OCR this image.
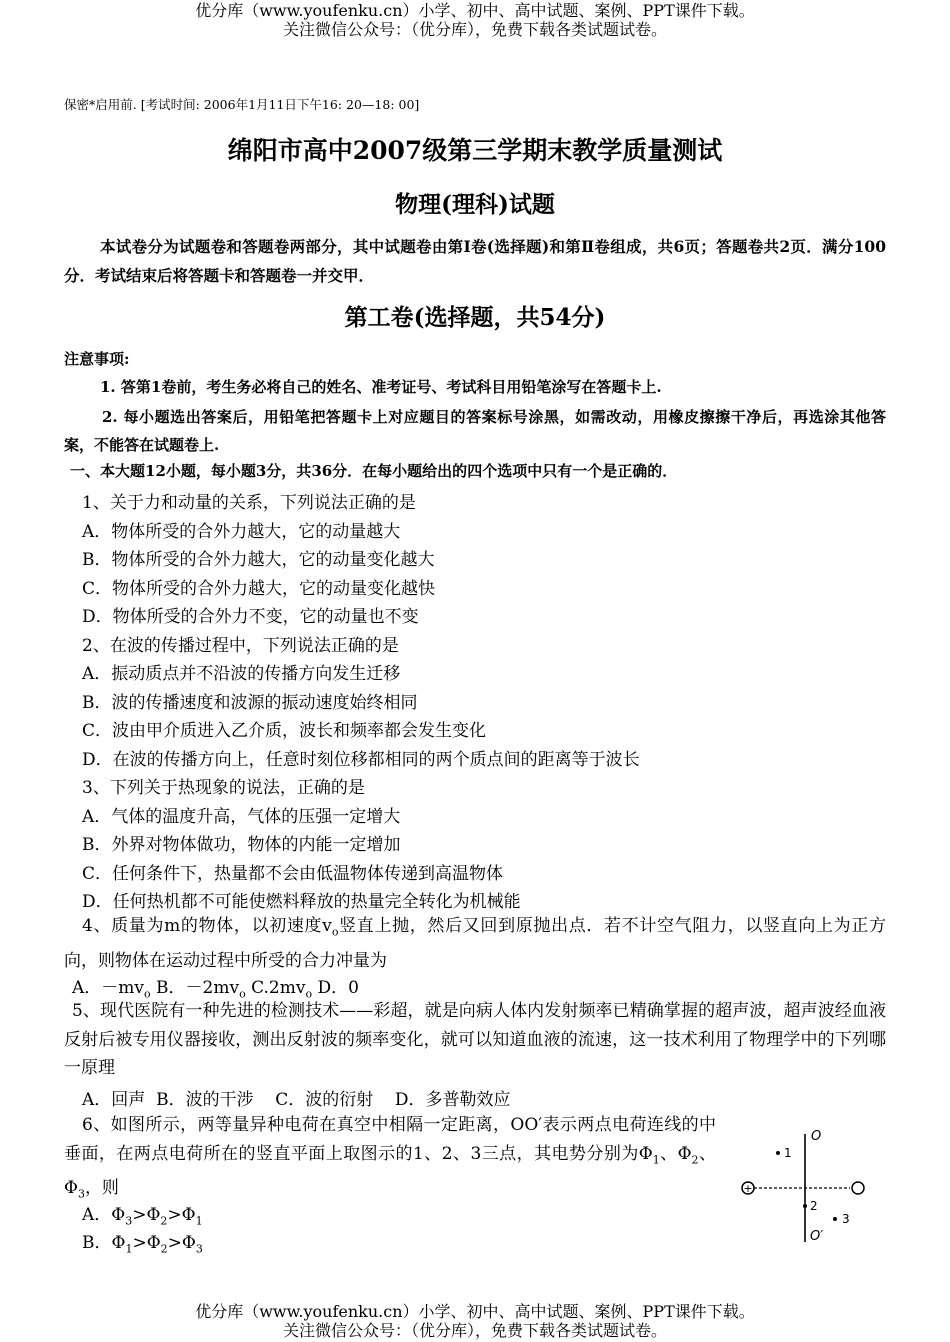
优分库（www.youfenku.cn）小学、初中、高中试题、案例、PPT课件下载。
关注微信公众号：（优分库），免费下载各类试题试卷。
保密*启用前. [考试时间: 2006年1月11日下午16: 20—18: 00]
绵阳市高中2007级第三学期末教学质量测试
物理(理科)试题
本试卷分为试题卷和答题卷两部分，其中试题卷由第Ⅰ卷(选择题)和第Ⅱ卷组成，共6页；答题卷共2页．满分100分．考试结束后将答题卡和答题卷一并交甲．
第工卷(选择题，共54分)
注意事项:
1. 答第1卷前，考生务必将自己的姓名、准考证号、考试科目用铅笔涂写在答题卡上.
2. 每小题选出答案后，用铅笔把答题卡上对应题目的答案标号涂黑，如需改动，用橡皮擦擦干净后，再选涂其他答案，不能答在试题卷上.
一、本大题12小题，每小题3分，共36分．在每小题给出的四个选项中只有一个是正确的．
1、关于力和动量的关系，下列说法正确的是
A．物体所受的合外力越大，它的动量越大
B．物体所受的合外力越大，它的动量变化越大
C．物体所受的合外力越大，它的动量变化越快
D．物体所受的合外力不变，它的动量也不变
2、在波的传播过程中，下列说法正确的是
A．振动质点并不沿波的传播方向发生迁移
B．波的传播速度和波源的振动速度始终相同
C．波由甲介质进入乙介质，波长和频率都会发生变化
D．在波的传播方向上，任意时刻位移都相同的两个质点间的距离等于波长
3、下列关于热现象的说法，正确的是
A．气体的温度升高，气体的压强一定增大
B．外界对物体做功，物体的内能一定增加
C．任何条件下，热量都不会由低温物体传递到高温物体
D．任何热机都不可能使燃料释放的热量完全转化为机械能
4、质量为m的物体，以初速度$v_o$竖直上抛，然后又回到原抛出点．若不计空气阻力，以竖直向上为正方向，则物体在运动过程中所受的合力冲量为
A．$-mv_o$ B．$-2mv_o$ $C.2mv_o$ D．0
5、现代医院有一种先进的检测技术——彩超，就是向病人体内发射频率已精确掌握的超声波，超声波经血液反射后被专用仪器接收，测出反射波的频率变化，就可以知道血液的流速，这一技术利用了物理学中的下列哪一原理
A．回声  B．波的干涉    C．波的衍射    D．多普勒效应
6、如图所示，两等量异种电荷在真空中相隔一定距离，OO′表示两点电荷连线的中垂面，在两点电荷所在的竖直平面上取图示的1、2、3三点，其电势分别为$\Phi_1$、$\Phi_2$、$\Phi_3$，则
A．$\Phi_3>\Phi_2>\Phi_1$
B．$\Phi_1>\Phi_2>\Phi_3$
+
1
2
3
O
O′
优分库（www.youfenku.cn）小学、初中、高中试题、案例、PPT课件下载。
关注微信公众号：（优分库），免费下载各类试题试卷。
